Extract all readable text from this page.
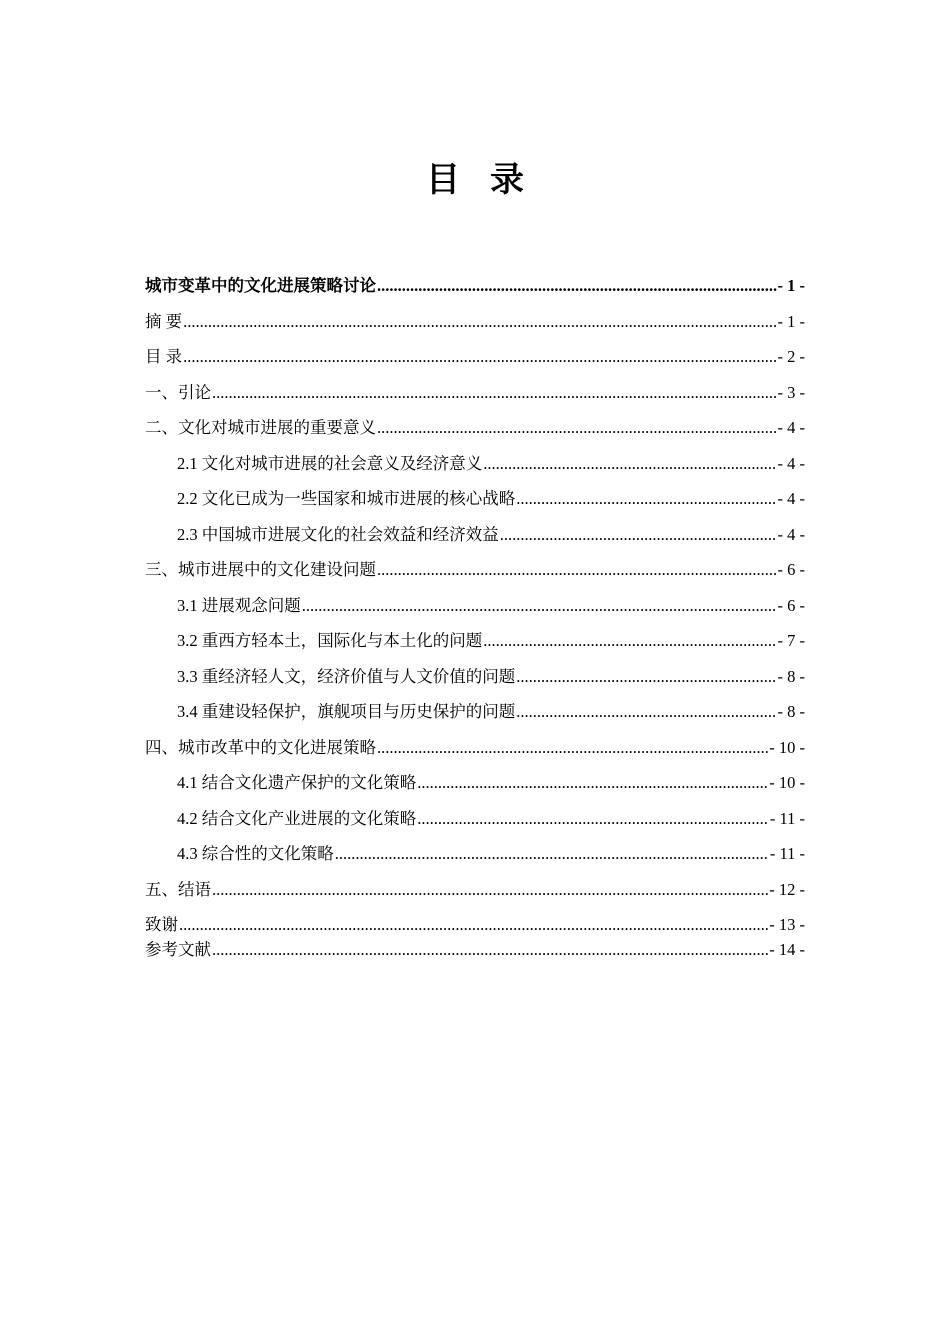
目录
城市变革中的文化进展策略讨论 .....	- 1 -
摘 要 .....	- 1 -
目 录 .....	- 2 -
一、引论 .....	- 3 -
二、文化对城市进展的重要意义 .....	- 4 -
2.1 文化对城市进展的社会意义及经济意义 .....	- 4 -
2.2 文化已成为一些国家和城市进展的核心战略 .....	- 4 -
2.3 中国城市进展文化的社会效益和经济效益 .....	- 4 -
三、城市进展中的文化建设问题 .....	- 6 -
3.1 进展观念问题 .....	- 6 -
3.2 重西方轻本土，国际化与本土化的问题 .....	- 7 -
3.3 重经济轻人文，经济价值与人文价值的问题 .....	- 8 -
3.4 重建设轻保护，旗舰项目与历史保护的问题 .....	- 8 -
四、城市改革中的文化进展策略 .....	- 10 -
4.1 结合文化遗产保护的文化策略 .....	- 10 -
4.2 结合文化产业进展的文化策略 .....	- 11 -
4.3 综合性的文化策略 .....	- 11 -
五、结语 .....	- 12 -
致谢 .....	- 13 -
参考文献 .....	- 14 -
